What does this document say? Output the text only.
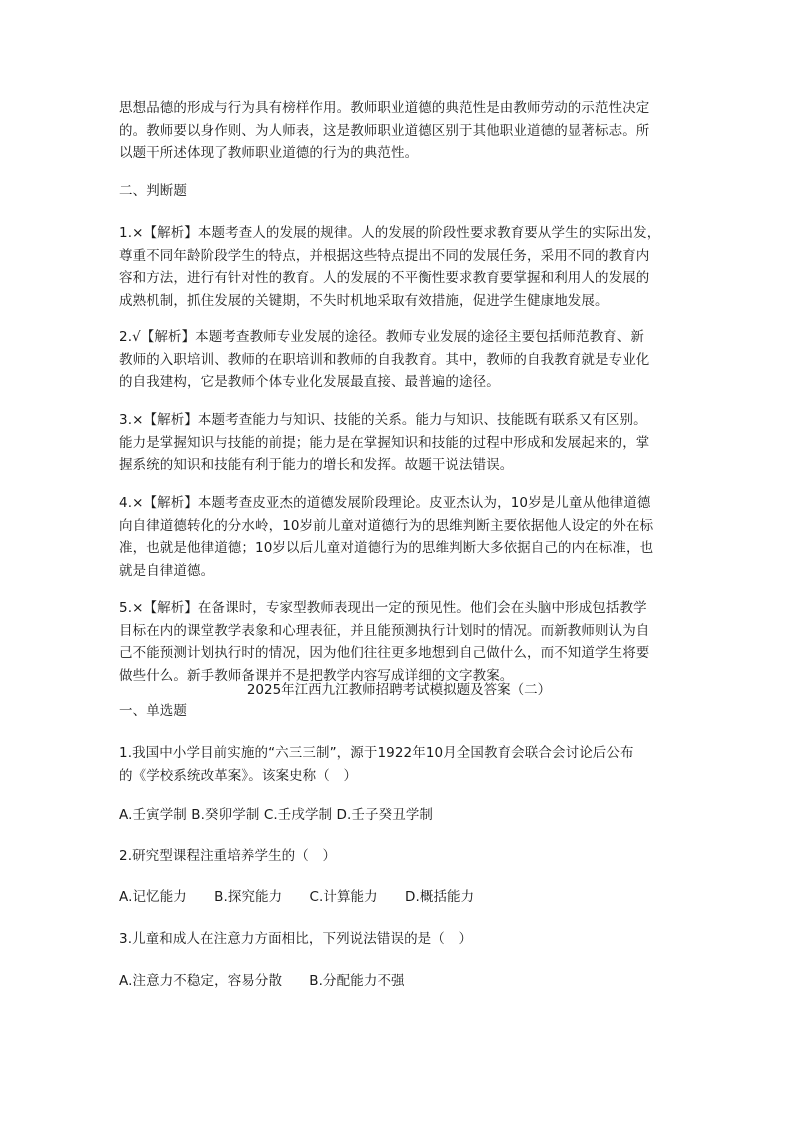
思想品德的形成与行为具有榜样作用。教师职业道德的典范性是由教师劳动的示范性决定
的。教师要以身作则、为人师表，这是教师职业道德区别于其他职业道德的显著标志。所
以题干所述体现了教师职业道德的行为的典范性。
二、判断题
1.×【解析】本题考查人的发展的规律。人的发展的阶段性要求教育要从学生的实际出发，
尊重不同年龄阶段学生的特点，并根据这些特点提出不同的发展任务，采用不同的教育内
容和方法，进行有针对性的教育。人的发展的不平衡性要求教育要掌握和利用人的发展的
成熟机制，抓住发展的关键期，不失时机地采取有效措施，促进学生健康地发展。
2.√【解析】本题考查教师专业发展的途径。教师专业发展的途径主要包括师范教育、新
教师的入职培训、教师的在职培训和教师的自我教育。其中，教师的自我教育就是专业化
的自我建构，它是教师个体专业化发展最直接、最普遍的途径。
3.×【解析】本题考查能力与知识、技能的关系。能力与知识、技能既有联系又有区别。
能力是掌握知识与技能的前提；能力是在掌握知识和技能的过程中形成和发展起来的，掌
握系统的知识和技能有利于能力的增长和发挥。故题干说法错误。
4.×【解析】本题考查皮亚杰的道德发展阶段理论。皮亚杰认为，10岁是儿童从他律道德
向自律道德转化的分水岭，10岁前儿童对道德行为的思维判断主要依据他人设定的外在标
准，也就是他律道德；10岁以后儿童对道德行为的思维判断大多依据自己的内在标准，也
就是自律道德。
5.×【解析】在备课时，专家型教师表现出一定的预见性。他们会在头脑中形成包括教学
目标在内的课堂教学表象和心理表征，并且能预测执行计划时的情况。而新教师则认为自
己不能预测计划执行时的情况，因为他们往往更多地想到自己做什么，而不知道学生将要
做些什么。新手教师备课并不是把教学内容写成详细的文字教案。
2025年江西九江教师招聘考试模拟题及答案（二）
一、单选题
1.我国中小学目前实施的“六三三制”，源于1922年10月全国教育会联合会讨论后公布
的《学校系统改革案》。该案史称（　）
A.壬寅学制 B.癸卯学制 C.壬戌学制 D.壬子癸丑学制
2.研究型课程注重培养学生的（　）
A.记忆能力　　B.探究能力　　C.计算能力　　D.概括能力
3.儿童和成人在注意力方面相比，下列说法错误的是（　）
A.注意力不稳定，容易分散　　B.分配能力不强
